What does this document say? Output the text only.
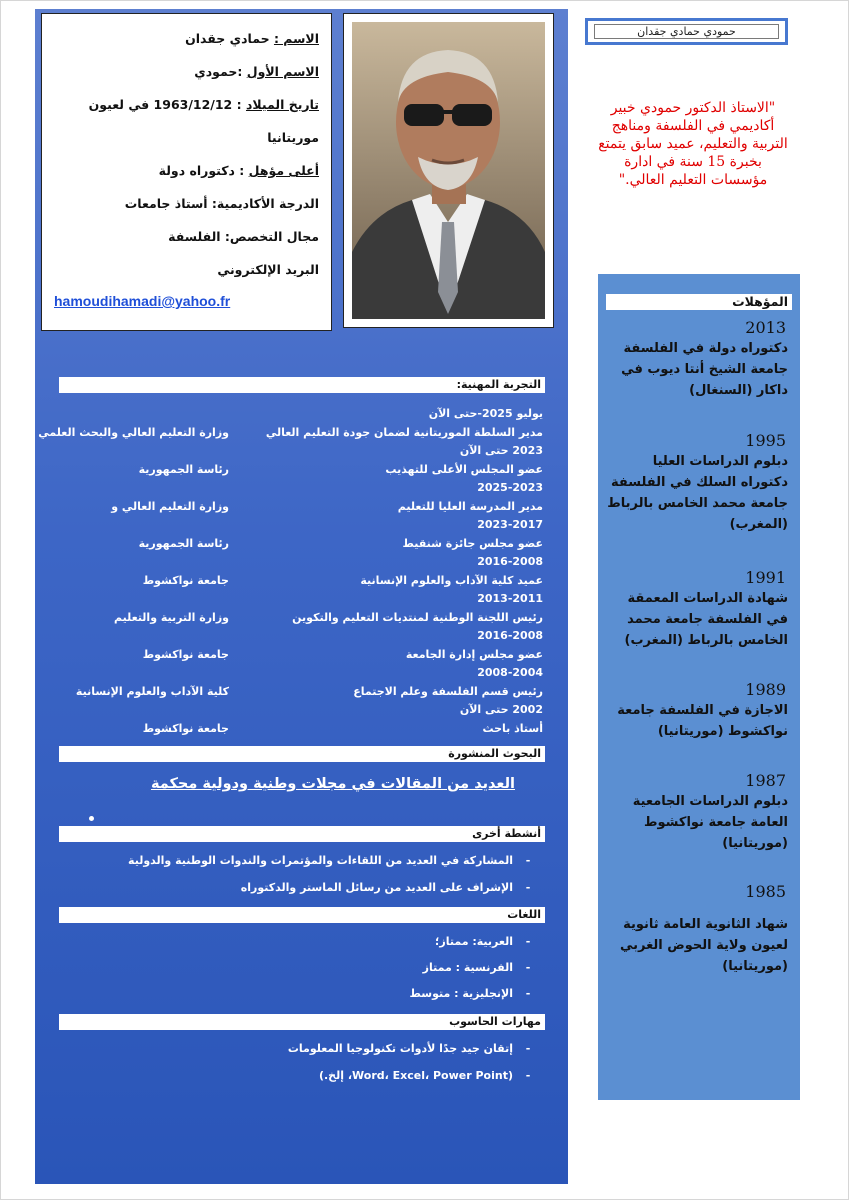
الاسم : حمادي جقدان
الاسم الأول :حمودي
تاريخ الميلاد : 1963/12/12 في لعيون
موريتانيا
أعلى مؤهل : دكتوراه دولة
الدرجة الأكاديمية: أستاذ جامعات
مجال التخصص: الفلسفة
البريد الإلكتروني
hamoudihamadi@yahoo.fr
حمودي حمادي جقدان
"الاستاذ الدكتور حمودي خبير أكاديمي في الفلسفة ومناهج التربية والتعليم، عميد سابق يتمتع بخبرة 15 سنة في ادارة مؤسسات التعليم العالي."
المؤهلات
2013
دكتوراه دولة في الفلسفة جامعة الشيخ أنتا ديوب في داكار (السنغال)
1995
دبلوم الدراسات العليا دكتوراه السلك في الفلسفة جامعة محمد الخامس بالرباط (المغرب)
1991
شهادة الدراسات المعمقة في الفلسفة جامعة محمد الخامس بالرباط (المغرب)
1989
الاجازة في الفلسفة جامعة نواكشوط (موريتانيا)
1987
دبلوم الدراسات الجامعية العامة جامعة نواكشوط (موريتانيا)
1985
شهاد الثانوية العامة ثانوية لعيون ولاية الحوض الغربي (موريتانيا)
التجربة المهنية:
يوليو 2025-حتى الآن
مدير السلطة الموريتانية لضمان جودة التعليم العالي
وزارة التعليم العالي والبحث العلمي
2023 حتى الآن
عضو المجلس الأعلى للتهذيب
رئاسة الجمهورية
2025-2023
مدير المدرسة العليا للتعليم
وزارة التعليم العالي و
2023-2017
عضو مجلس جائزة شنقيط
رئاسة الجمهورية
2016-2008
عميد كلية الآداب والعلوم الإنسانية
جامعة نواكشوط
2013-2011
رئيس اللجنة الوطنية لمنتديات التعليم والتكوين
وزارة التربية والتعليم
2016-2008
عضو مجلس إدارة الجامعة
جامعة نواكشوط
2008-2004
رئيس قسم الفلسفة وعلم الاجتماع
كلية الآداب والعلوم الإنسانية
2002 حتى الآن
أستاذ باحث
جامعة نواكشوط
البحوث المنشورة
العديد من المقالات في مجلات وطنية ودولية محكمة
أنشطة أخرى
-المشاركة في العديد من اللقاءات والمؤتمرات والندوات الوطنية والدولية
-الإشراف على العديد من رسائل الماستر والدكتوراه
اللغات
-العربية: ممتاز؛
-الفرنسية : ممتاز
-الإنجليزية : متوسط
مهارات الحاسوب
-إتقان جيد جدًا لأدوات تكنولوجيا المعلومات
-(Word، Excel، Power Point، إلخ.)
